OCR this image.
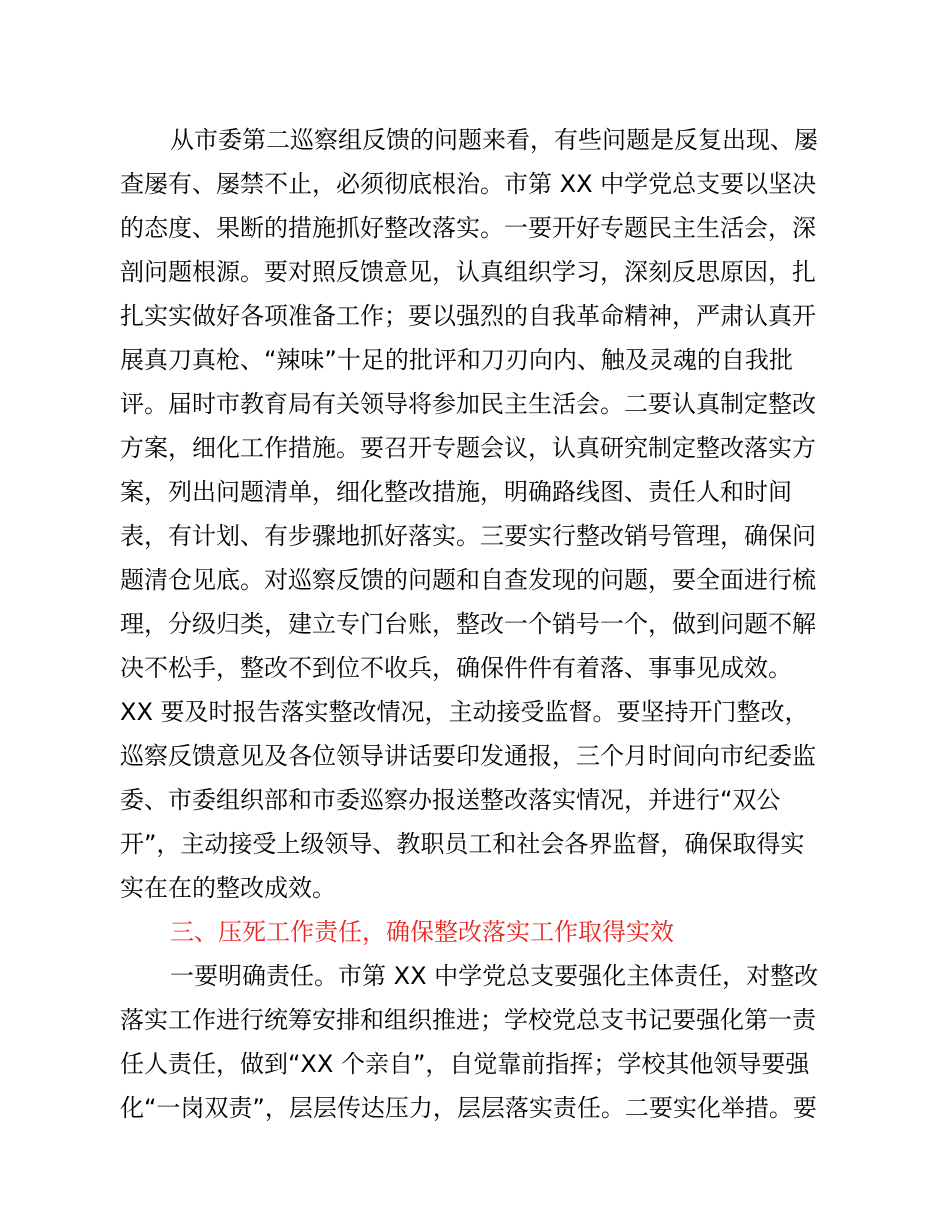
从市委第二巡察组反馈的问题来看，有些问题是反复出现、屡
查屡有、屡禁不止，必须彻底根治。市第 XX 中学党总支要以坚决
的态度、果断的措施抓好整改落实。一要开好专题民主生活会，深
剖问题根源。要对照反馈意见，认真组织学习，深刻反思原因，扎
扎实实做好各项准备工作；要以强烈的自我革命精神，严肃认真开
展真刀真枪、“辣味”十足的批评和刀刃向内、触及灵魂的自我批
评。届时市教育局有关领导将参加民主生活会。二要认真制定整改
方案，细化工作措施。要召开专题会议，认真研究制定整改落实方
案，列出问题清单，细化整改措施，明确路线图、责任人和时间
表，有计划、有步骤地抓好落实。三要实行整改销号管理，确保问
题清仓见底。对巡察反馈的问题和自查发现的问题，要全面进行梳
理，分级归类，建立专门台账，整改一个销号一个，做到问题不解
决不松手，整改不到位不收兵，确保件件有着落、事事见成效。
XX 要及时报告落实整改情况，主动接受监督。要坚持开门整改，
巡察反馈意见及各位领导讲话要印发通报，三个月时间向市纪委监
委、市委组织部和市委巡察办报送整改落实情况，并进行“双公
开”，主动接受上级领导、教职员工和社会各界监督，确保取得实
实在在的整改成效。
三、压死工作责任，确保整改落实工作取得实效
一要明确责任。市第 XX 中学党总支要强化主体责任，对整改
落实工作进行统筹安排和组织推进；学校党总支书记要强化第一责
任人责任，做到“XX 个亲自”，自觉靠前指挥；学校其他领导要强
化“一岗双责”，层层传达压力，层层落实责任。二要实化举措。要
